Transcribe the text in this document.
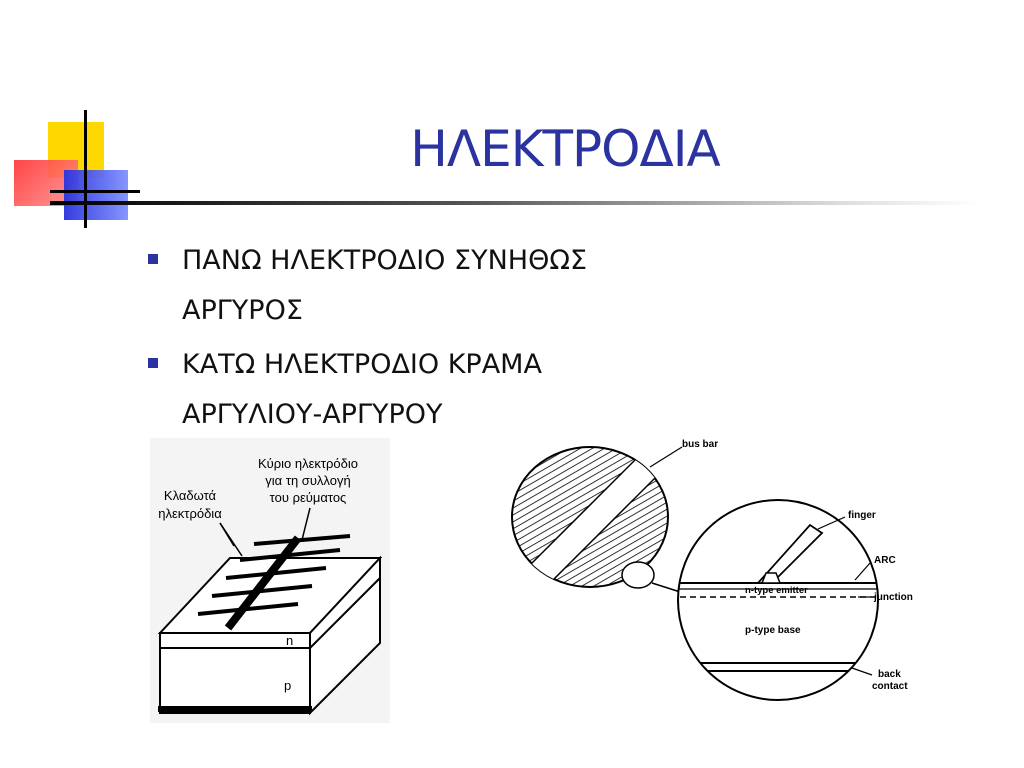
ΗΛΕΚΤΡΟΔΙΑ
ΠΑΝΩ ΗΛΕΚΤΡΟΔΙΟ ΣΥΝΗΘΩΣ
ΑΡΓΥΡΟΣ
ΚΑΤΩ ΗΛΕΚΤΡΟΔΙΟ ΚΡΑΜΑ
ΑΡΓΥΛΙΟΥ-ΑΡΓΥΡΟΥ
Κύριο ηλεκτρόδιο
για τη συλλογή
του ρεύματος
Κλαδωτά
ηλεκτρόδια
n
p
bus bar
finger
ARC
n-type emitter
junction
p-type base
back
contact
